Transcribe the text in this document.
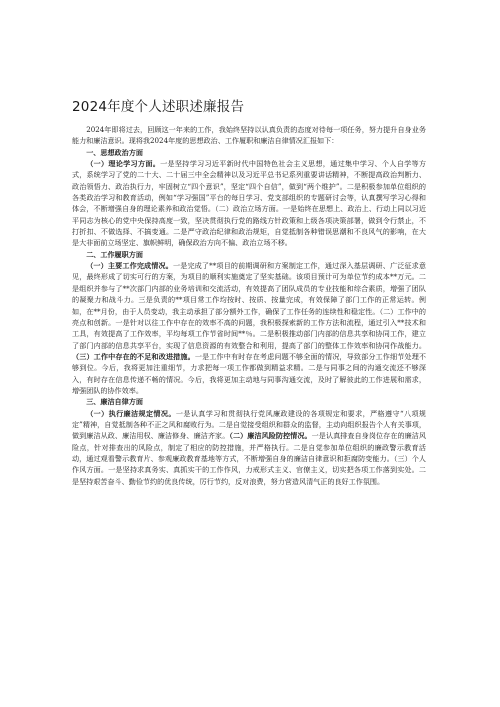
2024年度个人述职述廉报告

2024年即将过去，回顾这一年来的工作，我始终坚持以认真负责的态度对待每一项任务，努力提升自身业务能力和廉洁意识。现将我2024年度的思想政治、工作履职和廉洁自律情况汇报如下：

一、思想政治方面

（一）理论学习方面。一是坚持学习习近平新时代中国特色社会主义思想，通过集中学习、个人自学等方式，系统学习了党的二十大、二十届三中全会精神以及习近平总书记系列重要讲话精神，不断提高政治判断力、政治领悟力、政治执行力，牢固树立“四个意识”，坚定“四个自信”，做到“两个维护”。二是积极参加单位组织的各类政治学习和教育活动，例如“学习强国”平台的每日学习、党支部组织的专题研讨会等，认真撰写学习心得和体会，不断增强自身的理论素养和政治觉悟。（二）政治立场方面。一是始终在思想上、政治上、行动上同以习近平同志为核心的党中央保持高度一致，坚决贯彻执行党的路线方针政策和上级各项决策部署，做到令行禁止，不打折扣、不做选择、不搞变通。二是严守政治纪律和政治规矩，自觉抵制各种错误思潮和不良风气的影响，在大是大非面前立场坚定、旗帜鲜明，确保政治方向不偏、政治立场不移。

二、工作履职方面

（一）主要工作完成情况。一是完成了**项目的前期调研和方案制定工作，通过深入基层调研、广泛征求意见，最终形成了切实可行的方案，为项目的顺利实施奠定了坚实基础。该项目预计可为单位节约成本**万元。二是组织并参与了**次部门内部的业务培训和交流活动，有效提高了团队成员的专业技能和综合素质，增强了团队的凝聚力和战斗力。三是负责的**项目常工作均按时、按质、按量完成，有效保障了部门工作的正常运转。例如，在**月份，由于人员变动，我主动承担了部分额外工作，确保了工作任务的连续性和稳定性。（二）工作中的亮点和创新。一是针对以往工作中存在的效率不高的问题，我积极探索新的工作方法和流程，通过引入**技术和工具，有效提高了工作效率，平均每项工作节省时间**％。二是积极推动部门内部的信息共享和协同工作，建立了部门内部的信息共享平台，实现了信息资源的有效整合和利用，提高了部门的整体工作效率和协同作战能力。（三）工作中存在的不足和改进措施。一是工作中有时存在考虑问题不够全面的情况，导致部分工作细节处理不够到位。今后，我将更加注重细节，力求把每一项工作都做到精益求精。二是与同事之间的沟通交流还不够深入，有时存在信息传递不畅的情况。今后，我将更加主动地与同事沟通交流，及时了解彼此的工作进展和需求，增强团队的协作效率。

三、廉洁自律方面

（一）执行廉洁规定情况。一是认真学习和贯彻执行党风廉政建设的各项规定和要求，严格遵守“八项规定”精神，自觉抵制各种不正之风和腐败行为。二是自觉接受组织和群众的监督，主动向组织报告个人有关事项，做到廉洁从政、廉洁用权、廉洁修身、廉洁齐家。（二）廉洁风险防控情况。一是认真排查自身岗位存在的廉洁风险点，针对排查出的风险点，制定了相应的防控措施，并严格执行。二是自觉参加单位组织的廉政警示教育活动，通过观看警示教育片、参观廉政教育基地等方式，不断增强自身的廉洁自律意识和拒腐防变能力。（三）个人作风方面。一是坚持求真务实、真抓实干的工作作风，力戒形式主义、官僚主义，切实把各项工作落到实处。二是坚持艰苦奋斗、勤俭节约的优良传统，厉行节约，反对浪费，努力营造风清气正的良好工作氛围。
